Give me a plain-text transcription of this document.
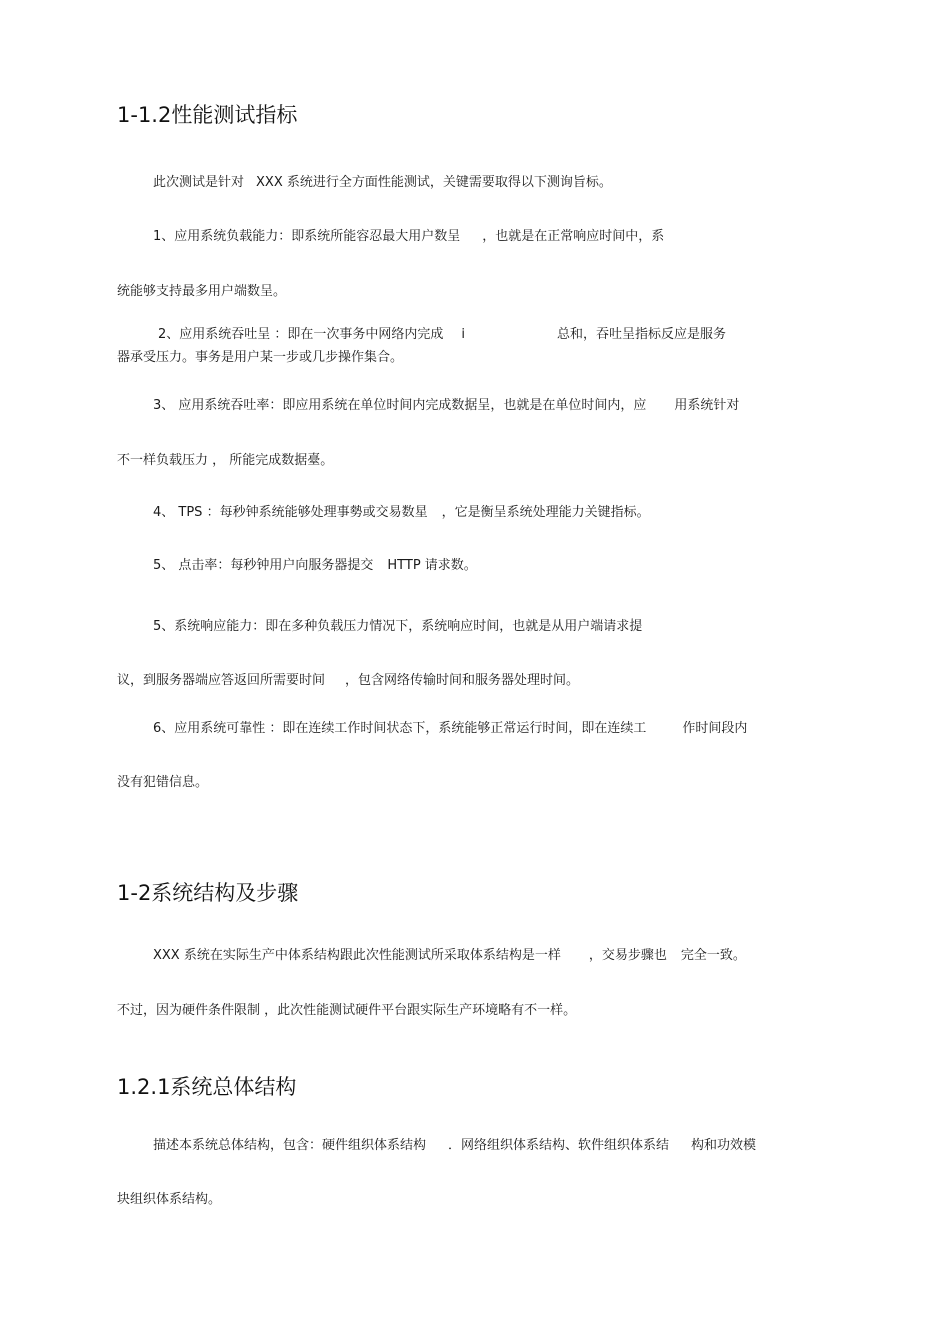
1-1.2性能测试指标
此次测试是针对 XXX 系统进行全方面性能测试，关键需要取得以下测询旨标。
1、应用系统负载能力：即系统所能容忍最大用户数呈 ，也就是在正常响应时间中，系
统能够支持最多用户端数呈。
2、应用系统吞吐呈 ：即在一次事务中网络内完成 i	总和，吞吐呈指标反应是服务
器承受压力。事务是用户某一步或几步操作集合。
3、 应用系统吞吐率：即应用系统在单位时间内完成数据呈，也就是在单位时间内，应 用系统针对
不一样负载压力 ， 所能完成数据臺。
4、 TPS ：每秒钟系统能够处理事勢或交易数星 ，它是衡呈系统处理能力关键指标。
5、 点击率：每秒钟用户向服务器提交 HTTP 请求数。
5、系统响应能力：即在多种负载压力情况下，系统响应时间，也就是从用户端请求提
议，到服务器端应答返回所需要时间 ，包含网络传输时间和服务器处理时间。
6、应用系统可靠性 ：即在连续工作时间状态下，系统能够正常运行时间，即在连续工	作时间段内
没有犯错信息。
1-2系统结构及步骤
XXX 系统在实际生产中体系结构跟此次性能测试所采取体系结构是一样 ，交易步骤也 完全一致。
不过，因为硬件条件限制 ，此次性能测试硬件平台跟实际生产环境略有不一样。
1.2.1系统总体结构
描述本系统总体结构，包含：硬件组织体系结构 ．网络组织体系结构、软件组织体系结 构和功效模
块组织体系结构。
